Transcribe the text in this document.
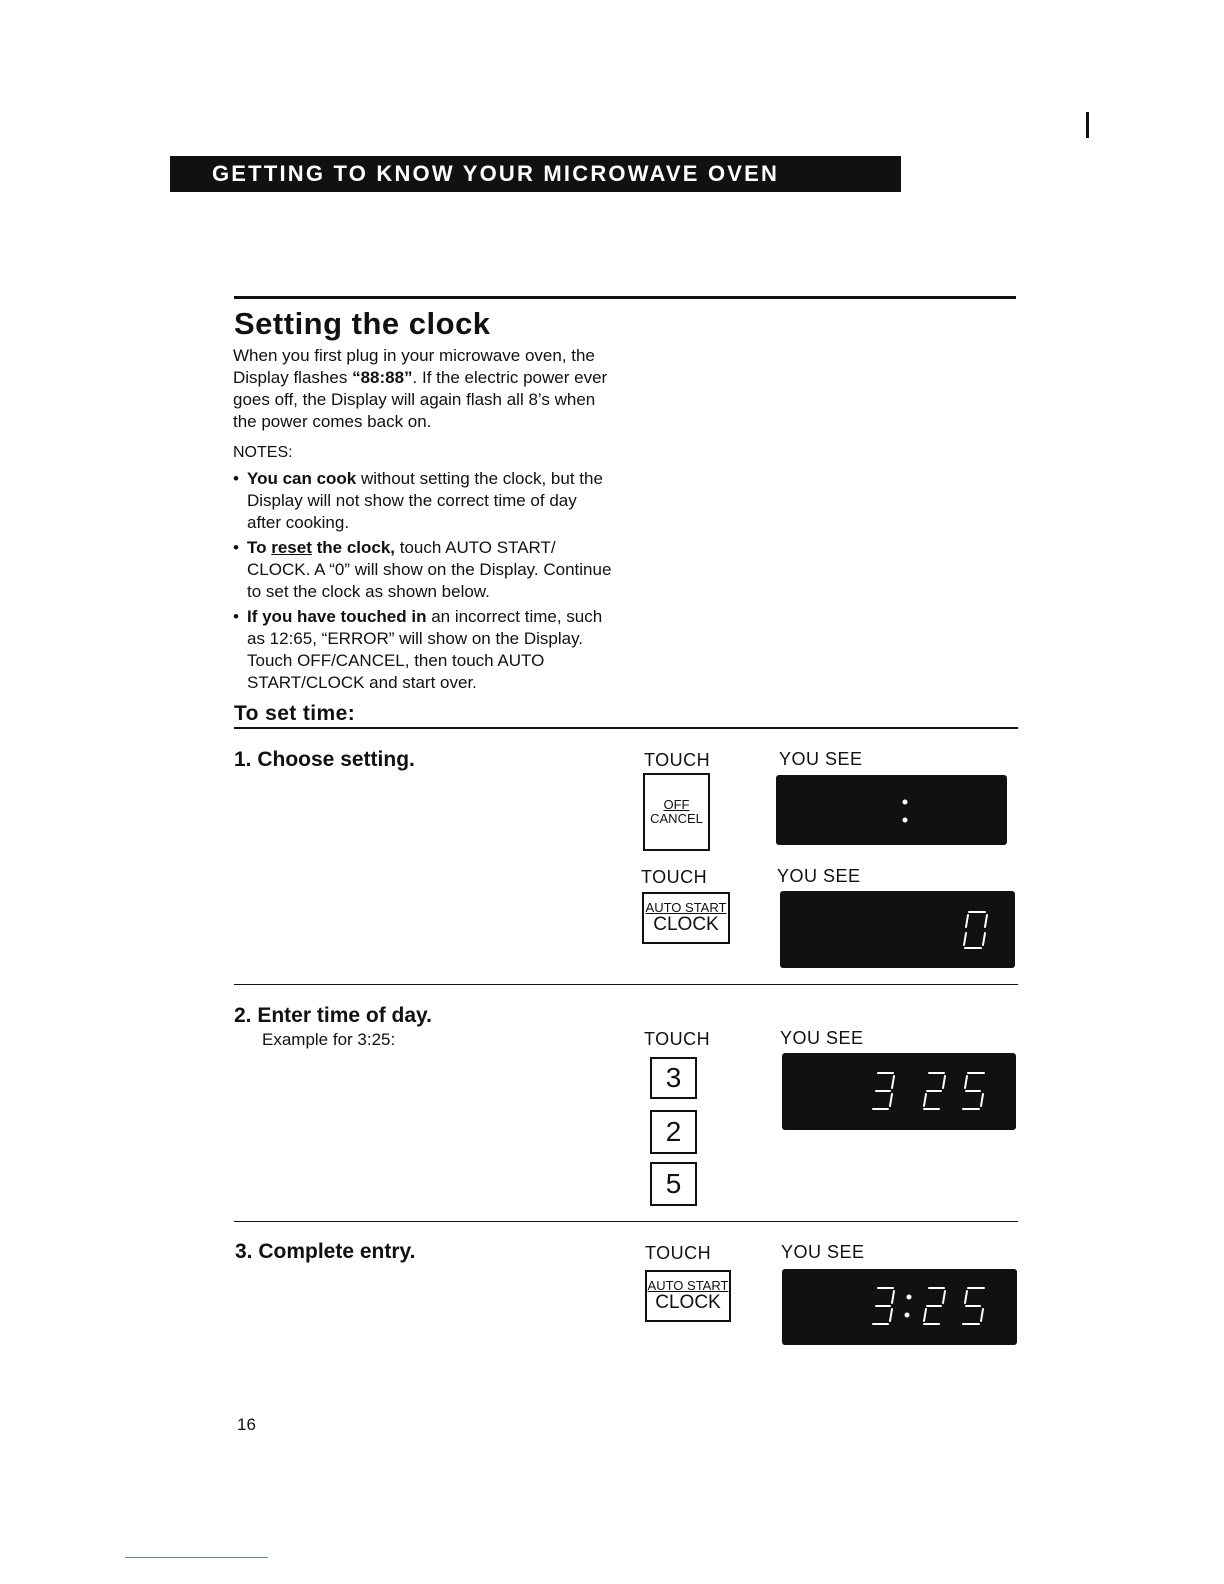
GETTING TO KNOW YOUR MICROWAVE OVEN
Setting the clock

When you first plug in your microwave oven, the Display flashes “88:88”. If the electric power ever goes off, the Display will again flash all 8’s when the power comes back on.

NOTES:

• You can cook without setting the clock, but the Display will not show the correct time of day after cooking.
• To reset the clock, touch AUTO START/ CLOCK. A “0” will show on the Display. Continue to set the clock as shown below.
• If you have touched in an incorrect time, such as 12:65, “ERROR” will show on the Display. Touch OFF/CANCEL, then touch AUTO START/CLOCK and start over.
To set time:

1. Choose setting.	TOUCH	YOU SEE
OFF
CANCEL
TOUCH	YOU SEE
AUTO START
CLOCK

2. Enter time of day.

Example for 3:25:	TOUCH	YOU SEE
3
2
5

3. Complete entry.	TOUCH	YOU SEE
AUTO START
CLOCK

16
